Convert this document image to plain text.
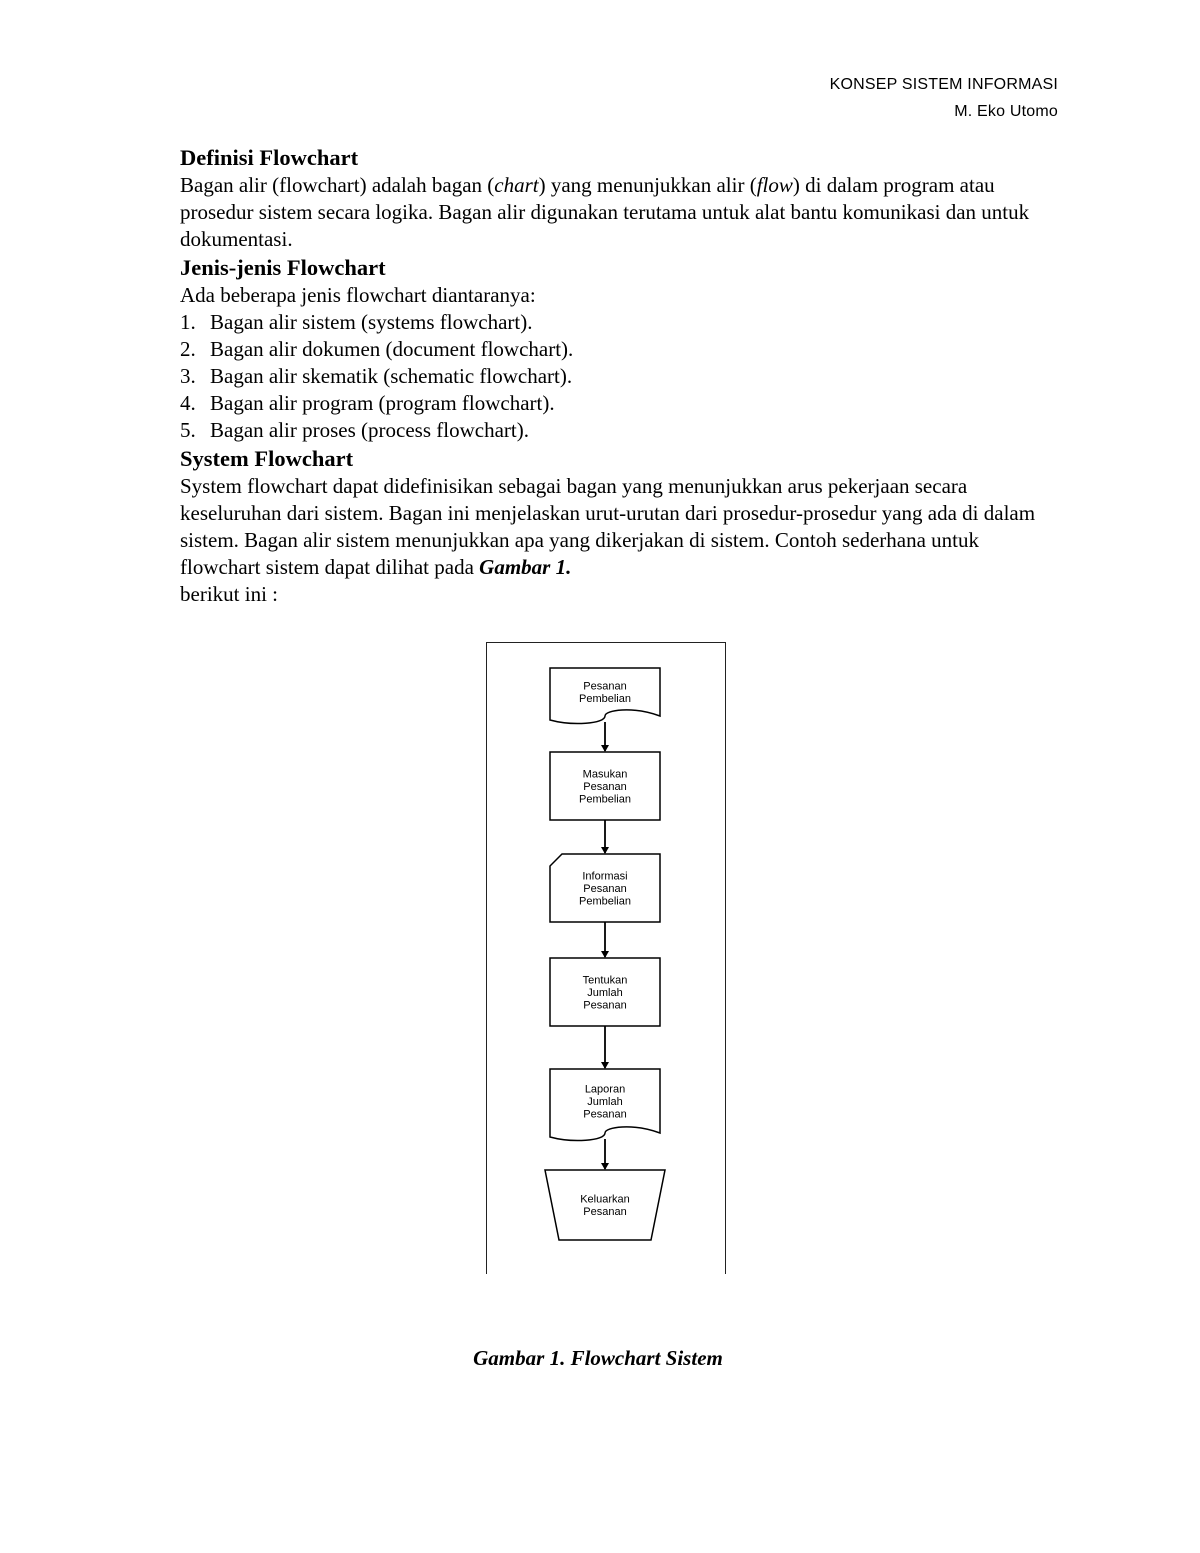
KONSEP SISTEM INFORMASI
M. Eko Utomo
Definisi Flowchart

Bagan alir (flowchart) adalah bagan (chart) yang menunjukkan alir (flow) di dalam program atau prosedur sistem secara logika. Bagan alir digunakan terutama untuk alat bantu komunikasi dan untuk dokumentasi.

Jenis-jenis Flowchart

Ada beberapa jenis flowchart diantaranya:

1. Bagan alir sistem (systems flowchart).
2. Bagan alir dokumen (document flowchart).
3. Bagan alir skematik (schematic flowchart).
4. Bagan alir program (program flowchart).
5. Bagan alir proses (process flowchart).
System Flowchart

System flowchart dapat didefinisikan sebagai bagan yang menunjukkan arus pekerjaan secara keseluruhan dari sistem. Bagan ini menjelaskan urut-urutan dari prosedur-prosedur yang ada di dalam sistem. Bagan alir sistem menunjukkan apa yang dikerjakan di sistem. Contoh sederhana untuk flowchart sistem dapat dilihat pada Gambar 1.

berikut ini :

Pesanan
Pembelian
Masukan
Pesanan
Pembelian
Informasi
Pesanan
Pembelian
Tentukan
Jumlah
Pesanan
Laporan
Jumlah
Pesanan
Keluarkan
Pesanan
Gambar 1. Flowchart Sistem
